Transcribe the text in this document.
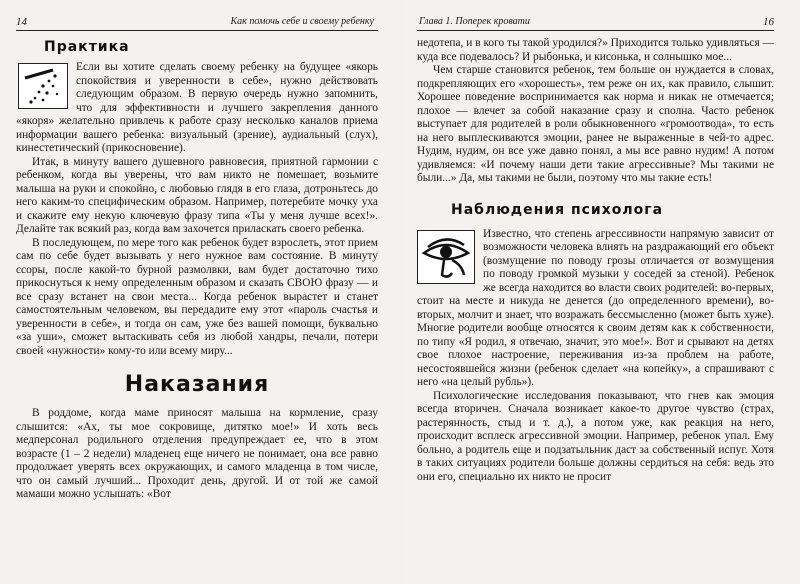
14	Как помочь себе и своему ребенку
Практика

Если вы хотите сделать своему ребенку на будущее «якорь спокойствия и уверенности в себе», нужно действовать следующим образом. В первую очередь нужно запомнить, что для эффективности и лучшего закрепления данного «якоря» желательно привлечь к работе сразу несколько каналов приема информации вашего ребенка: визуальный (зрение), аудиальный (слух), кинестетический (прикосновение).

Итак, в минуту вашего душевного равновесия, приятной гармонии с ребенком, когда вы уверены, что вам никто не помешает, возьмите малыша на руки и спокойно, с любовью глядя в его глаза, дотроньтесь до него каким-то специфическим образом. Например, потеребите мочку уха и скажите ему некую ключевую фразу типа «Ты у меня лучше всех!». Делайте так всякий раз, когда вам захочется приласкать своего ребенка.

В последующем, по мере того как ребенок будет взрослеть, этот прием сам по себе будет вызывать у него нужное вам состояние. В минуту ссоры, после какой-то бурной размолвки, вам будет достаточно тихо прикоснуться к нему определенным образом и сказать СВОЮ фразу — и все сразу встанет на свои места... Когда ребенок вырастет и станет самостоятельным человеком, вы передадите ему этот «пароль счастья и уверенности в себе», и тогда он сам, уже без вашей помощи, буквально «за уши», сможет вытаскивать себя из любой хандры, печали, потери своей «нужности» кому-то или всему миру...

Наказания

В роддоме, когда маме приносят малыша на кормление, сразу слышится: «Ах, ты мое сокровище, дитятко мое!» И хоть весь медперсонал родильного отделения предупреждает ее, что в этом возрасте (1 – 2 недели) младенец еще ничего не понимает, она все равно продолжает уверять всех окружающих, и самого младенца в том числе, что он самый лучший... Проходит день, другой. И от той же самой мамаши можно услышать: «Вот

Глава 1. Поперек кровати	16

недотепа, и в кого ты такой уродился?» Приходится только удивляться — куда все подевалось? И рыбонька, и кисонька, и солнышко мое...

Чем старше становится ребенок, тем больше он нуждается в словах, подкрепляющих его «хорошесть», тем реже он их, как правило, слышит. Хорошее поведение воспринимается как норма и никак не отмечается; плохое — влечет за собой наказание сразу и сполна. Часто ребенок выступает для родителей в роли обыкновенного «громоотвода», то есть на него выплескиваются эмоции, ранее не выраженные в чей-то адрес. Нудим, нудим, он все уже давно понял, а мы все равно нудим! А потом удивляемся: «И почему наши дети такие агрессивные? Мы такими не были...» Да, мы такими не были, поэтому что мы такие есть!

Наблюдения психолога

Известно, что степень агрессивности напрямую зависит от возможности человека влиять на раздражающий его объект (возмущение по поводу грозы отличается от возмущения по поводу громкой музыки у соседей за стеной). Ребенок же всегда находится во власти своих родителей: во-первых, стоит на месте и никуда не денется (до определенного времени), во-вторых, молчит и знает, что возражать бессмысленно (может быть хуже). Многие родители вообще относятся к своим детям как к собственности, по типу «Я родил, я отвечаю, значит, это мое!». Вот и срывают на детях свое плохое настроение, переживания из-за проблем на работе, несостоявшейся жизни (ребенок сделает «на копейку», а спрашивают с него «на целый рубль»).

Психологические исследования показывают, что гнев как эмоция всегда вторичен. Сначала возникает какое-то другое чувство (страх, растерянность, стыд и т. д.), а потом уже, как реакция на него, происходит всплеск агрессивной эмоции. Например, ребенок упал. Ему больно, а родитель еще и подзатыльник даст за собственный испуг. Хотя в таких ситуациях родители больше должны сердиться на себя: ведь это они его, специально их никто не просит
